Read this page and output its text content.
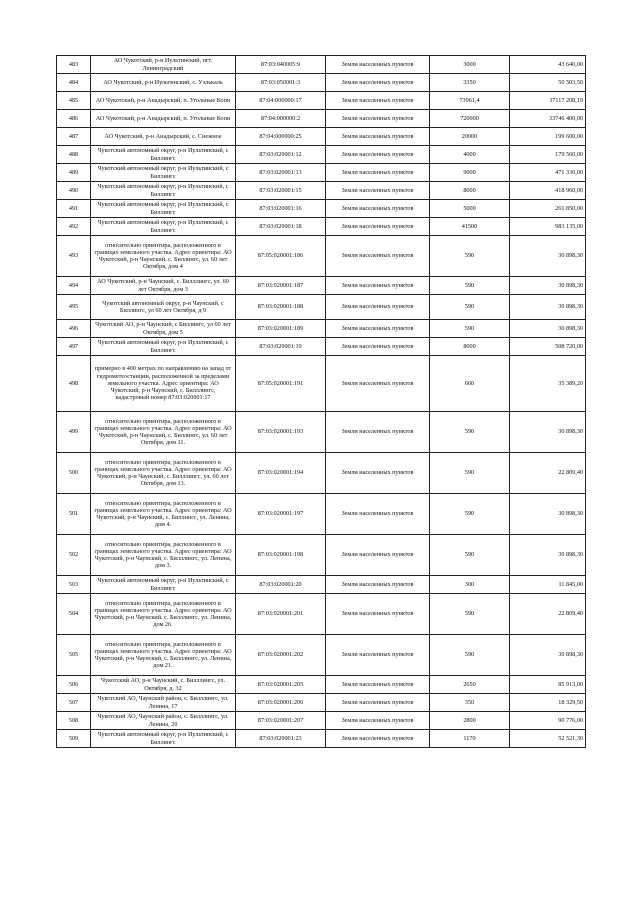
483	АО Чукотский, р-н Иультинский, пгт. Ленинградский	87:03:040005:9	Земли населенных пунктов	3000	43 640,00
484	АО Чукотский, р-н Иультинский, с. Уэлькаль	87:03:050001:3	Земли населенных пунктов	3350	50 503,50
485	АО Чукотский, р-н Анадырский, п. Угольные Копи	87:04:000000:17	Земли населенных пунктов	73961,4	37117 208,19
486	АО Чукотский, р-н Анадырский, п. Угольные Копи	87:04:000000:2	Земли населенных пунктов	720000	33746 400,00
487	АО Чукотский, р-н Анадырский, с. Снежное	87:04:000000:25	Земли населенных пунктов	20000	199 600,00
488	Чукотский автономный округ, р-н Иультинский, с Биллингс	87:03:020001:12	Земли населенных пунктов	4000	179 560,00
489	Чукотский автономный округ, р-н Иультинский, с Биллингс	87:03:020001:13	Земли населенных пунктов	9000	471 330,00
490	Чукотский автономный округ, р-н Иультинский, с Биллингс	87:03:020001:15	Земли населенных пунктов	8000	418 960,00
491	Чукотский автономный округ, р-н Иультинский, с Биллингс	87:03:020001:16	Земли населенных пунктов	5000	261 850,00
492	Чукотский автономный округ, р-н Иультинский, с Биллингс	87:03:020001:18	Земли населенных пунктов	41500	983 135,00
493	относительно ориентира, расположенного в границах земельного участка. Адрес ориентира: АО Чукотский, р-н Чаунский. с. Биллингс, ул. 60 лет Октября, дом 4	87:05:020001:186	Земли населенных пунктов	590	30 898,30
494	АО Чукотский, р-н Чаунский, с. Билллингс, ул. 60 лет Октября, дом 3	87:03:020001:187	Земли населенных пунктов	590	30 898,30
495	Чукотский автономный округ, р-н Чаунский, с Биллингс, ул 60 лет Октября, д 9	87:03:020001:188	Земли населенных пунктов	590	30 898,30
496	Чукотский АО, р-н Чаунский, с Биллингс, ул 60 лет Октября, дом 5	87:03:020001:189	Земли населенных пунктов	590	30 898,30
497	Чукотский автономный округ, р-н Иультинский, с Биллингс	87:03:020001:19	Земли населенных пунктов	8000	508 720,00
498	примерно в 400 метрах по направлению на запад от гидрометеостанции, расположенной за пределами земельного участка. Адрес ориентира: АО Чукотский, р-н Чаунский, с. Билллингс, кадастровый номер 87:03:020001:17	87:05:020001:191	Земли населенных пунктов	660	35 389,20
499	относительно ориентира, расположенного в границах земельного участка. Адрес ориентира: АО Чукотский, р-н Чаунский, с. Биллингс, ул. 60 лет Октября, дом 11.	87:03:020001:193	Земли населенных пунктов	590	30 898,30
500	относительно ориентира, расположенного в границах земельного участка. Адрес ориентира: АО Чукотский, р-н Чаунский, с. Билллингс, ул. 60 лет Октября, дом 13.	87:03:020001:194	Земли населенных пунктов	590	22 809,40
501	относительно ориентира, расположенного в границах земельного участка. Адрес ориентира: АО Чукотский, р-н Чаунский, с. Биллингс, ул. Ленина, дом 4.	87:03:020001:197	Земли населенных пунктов	590	30 898,30
502	относительно ориентира, расположенного в границах земельного участка. Адрес ориентира: АО Чукотский, р-н Чаунский, с. Билллингс, ул. Ленина, дом 3.	87:03:020001:198	Земли населенных пунктов	590	30 898,30
503	Чукотский автономный округ, р-н Иультинский, с Биллингс	87:03:020001:20	Земли населенных пунктов	300	11 845,00
504	относительно ориентира, расположенного в границах земельного участка. Адрес ориентира: АО Чукотский, р-н Чаунский. с. Билллингс, ул. Ленина, дом 26.	87:03:020001:201	Земли населенных пунктов	590	22 809,40
505	относительно ориентира, расположенного в границах земельного участка. Адрес ориентира: АО Чукотский, р-н Чаунский, с. Билллингс, ул. Ленина, дом 21.	87:03:020001:202	Земли населенных пунктов	590	30 898,30
506	Чукотский АО, р-н Чаунский, с. Билллингс, ул. Октября, д. 32	87:03:020001:205	Земли населенных пунктов	2650	85 913,00
507	Чукотский АО, Чаунский район, с. Билллингс, ул. Ленина, 17	87:03:020001:206	Земли населенных пунктов	350	18 329,50
508	Чукотский АО, Чаунский район, с. Билллингс, ул. Ленина, 20	87:03:020001:207	Земли населенных пунктов	2800	90 776,00
509	Чукотский автономный округ, р-н Иультинский, с Биллингс	87:03:020001:23	Земли населенных пунктов	1170	52 521,30
